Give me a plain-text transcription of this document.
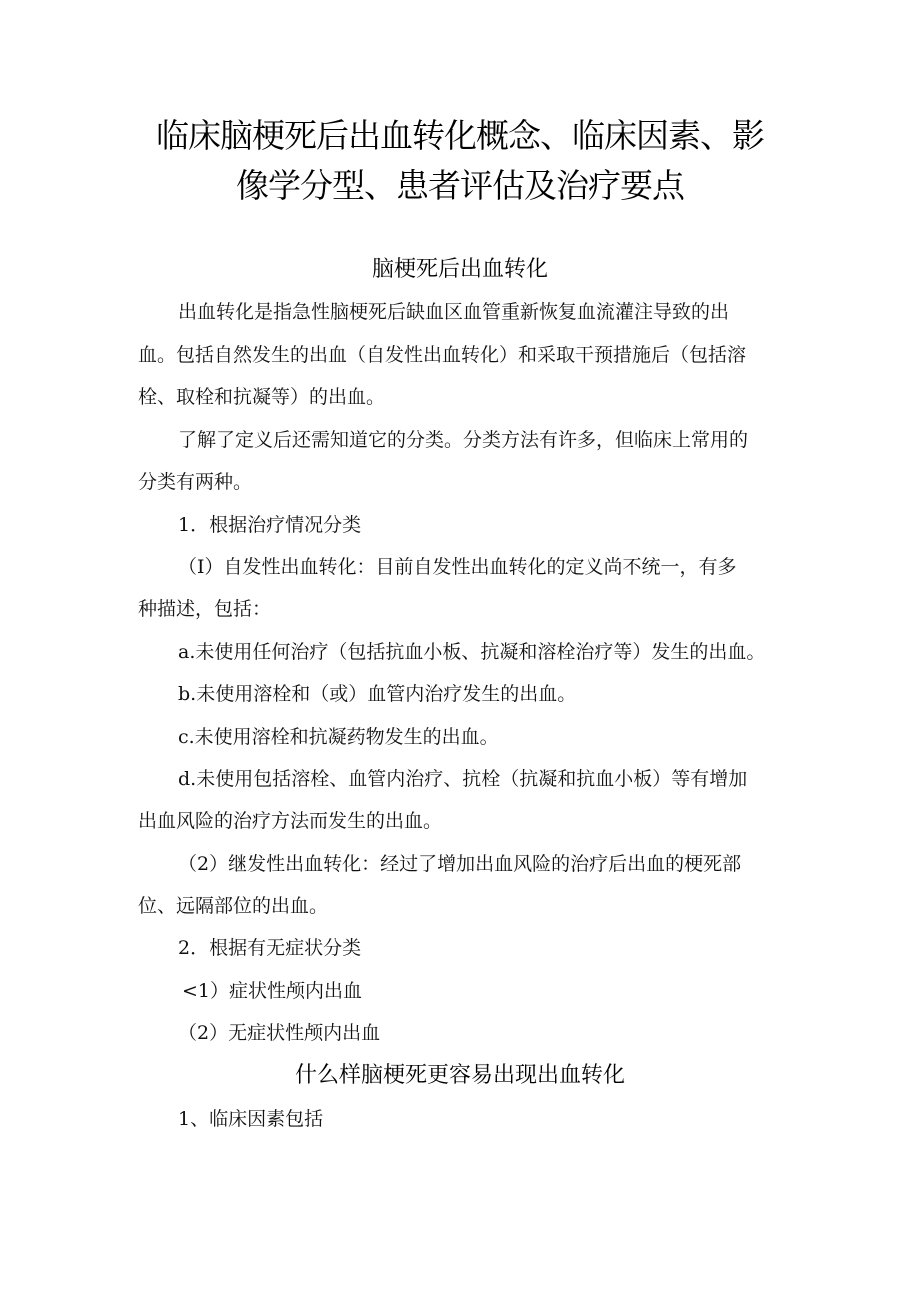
临床脑梗死后出血转化概念、临床因素、影
像学分型、患者评估及治疗要点
脑梗死后出血转化
出血转化是指急性脑梗死后缺血区血管重新恢复血流灌注导致的出
血。包括自然发生的出血（自发性出血转化）和采取干预措施后（包括溶
栓、取栓和抗凝等）的出血。
了解了定义后还需知道它的分类。分类方法有许多，但临床上常用的
分类有两种。
1．根据治疗情况分类
（I）自发性出血转化：目前自发性出血转化的定义尚不统一，有多
种描述，包括：
a.未使用任何治疗（包括抗血小板、抗凝和溶栓治疗等）发生的出血。
b.未使用溶栓和（或）血管内治疗发生的出血。
c.未使用溶栓和抗凝药物发生的出血。
d.未使用包括溶栓、血管内治疗、抗栓（抗凝和抗血小板）等有增加
出血风险的治疗方法而发生的出血。
（2）继发性出血转化：经过了增加出血风险的治疗后出血的梗死部
位、远隔部位的出血。
2．根据有无症状分类
<1）症状性颅内出血
（2）无症状性颅内出血
什么样脑梗死更容易出现出血转化
1、临床因素包括
